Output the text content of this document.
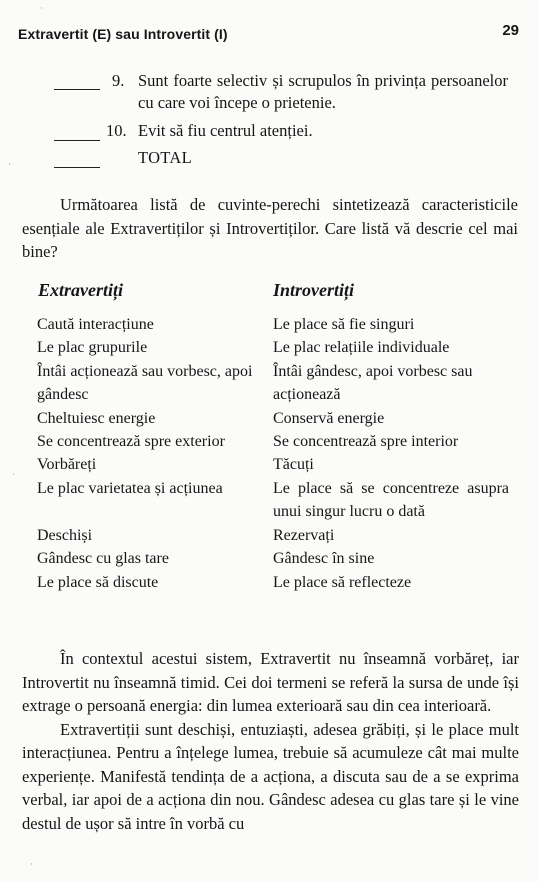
Extravertit (E) sau Introvertit (I)	29
9. Sunt foarte selectiv și scrupulos în privința persoanelor cu care voi începe o prietenie.
10. Evit să fiu centrul atenției.
TOTAL
Următoarea listă de cuvinte-perechi sintetizează caracteristicile esențiale ale Extravertiților și Introvertiților. Care listă vă descrie cel mai bine?
Extravertiți	Introvertiți
Caută interacțiune
Le plac grupurile
Întâi acționează sau vorbesc, apoi gândesc
Cheltuiesc energie
Se concentrează spre exterior
Vorbăreți
Le plac varietatea și acțiunea
Deschiși
Gândesc cu glas tare
Le place să discute
Le place să fie singuri
Le plac relațiile individuale
Întâi gândesc, apoi vorbesc sau acționează
Conservă energie
Se concentrează spre interior
Tăcuți
Le place să se concentreze asupra unui singur lucru o dată
Rezervați
Gândesc în sine
Le place să reflecteze

În contextul acestui sistem, Extravertit nu înseamnă vorbăreț, iar Introvertit nu înseamnă timid. Cei doi termeni se referă la sursa de unde își extrage o persoană energia: din lumea exterioară sau din cea interioară.

Extravertiții sunt deschiși, entuziaști, adesea grăbiți, și le place mult interacțiunea. Pentru a înțelege lumea, trebuie să acumuleze cât mai multe experiențe. Manifestă tendința de a acționa, a discuta sau de a se exprima verbal, iar apoi de a acționa din nou. Gândesc adesea cu glas tare și le vine destul de ușor să intre în vorbă cu

·
·
·
·
